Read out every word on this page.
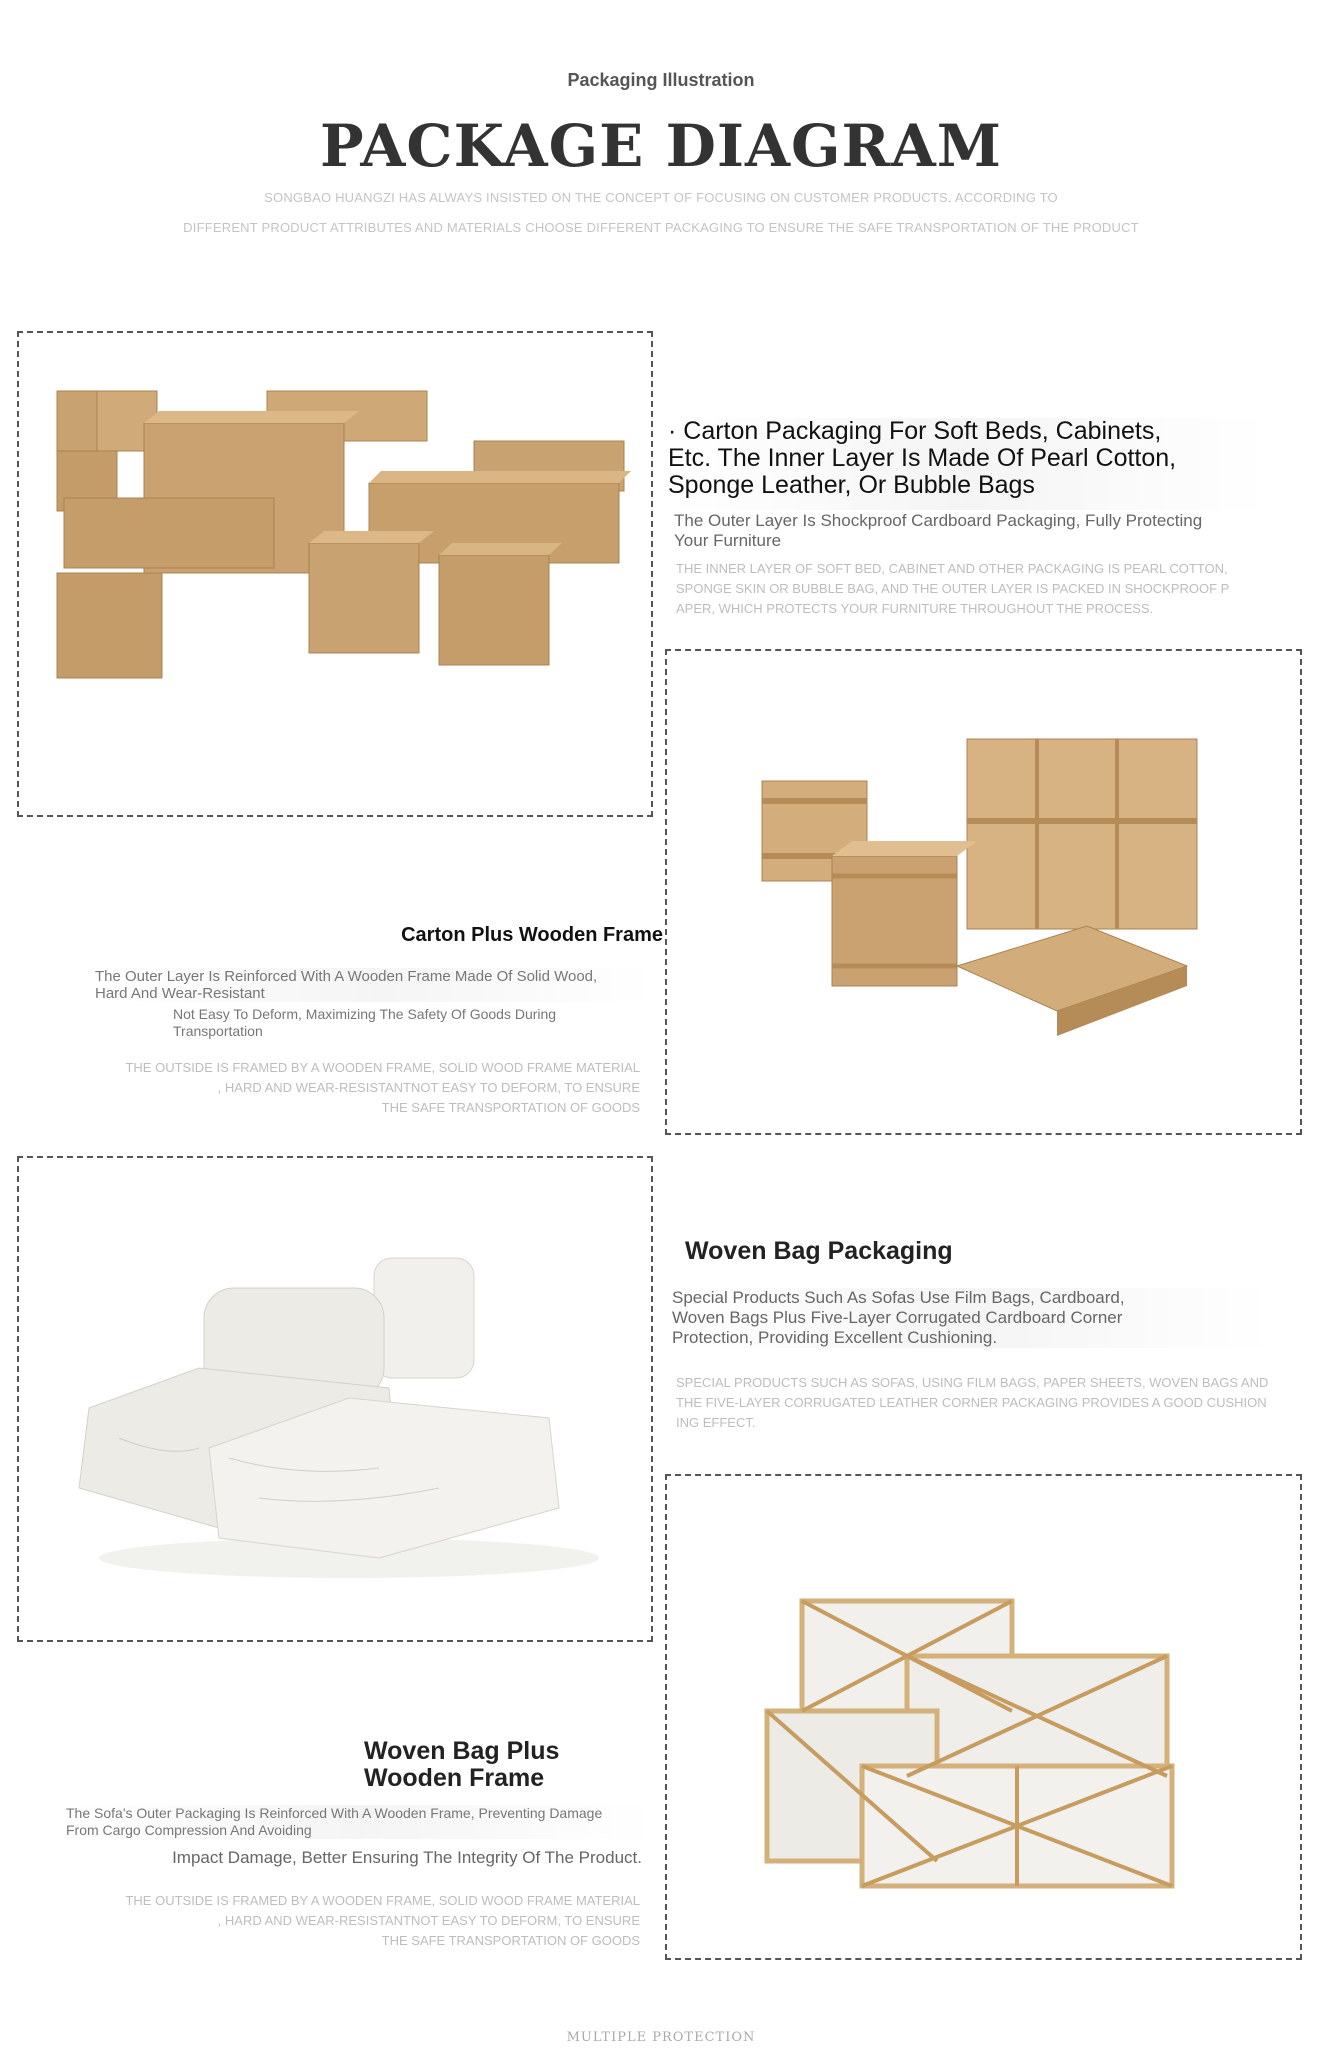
Packaging Illustration
PACKAGE DIAGRAM
SONGBAO HUANGZI HAS ALWAYS INSISTED ON THE CONCEPT OF FOCUSING ON CUSTOMER PRODUCTS. ACCORDING TO
DIFFERENT PRODUCT ATTRIBUTES AND MATERIALS CHOOSE DIFFERENT PACKAGING TO ENSURE THE SAFE TRANSPORTATION OF THE PRODUCT
· Carton Packaging For Soft Beds, Cabinets,
Etc. The Inner Layer Is Made Of Pearl Cotton,
Sponge Leather, Or Bubble Bags
The Outer Layer Is Shockproof Cardboard Packaging, Fully Protecting
Your Furniture
THE INNER LAYER OF SOFT BED, CABINET AND OTHER PACKAGING IS PEARL COTTON,
SPONGE SKIN OR BUBBLE BAG, AND THE OUTER LAYER IS PACKED IN SHOCKPROOF P
APER, WHICH PROTECTS YOUR FURNITURE THROUGHOUT THE PROCESS.
Carton Plus Wooden Frame
The Outer Layer Is Reinforced With A Wooden Frame Made Of Solid Wood,
Hard And Wear-Resistant
Not Easy To Deform, Maximizing The Safety Of Goods During
Transportation
THE OUTSIDE IS FRAMED BY A WOODEN FRAME, SOLID WOOD FRAME MATERIAL
, HARD AND WEAR-RESISTANTNOT EASY TO DEFORM, TO ENSURE
THE SAFE TRANSPORTATION OF GOODS
Woven Bag Packaging
Special Products Such As Sofas Use Film Bags, Cardboard,
Woven Bags Plus Five-Layer Corrugated Cardboard Corner
Protection, Providing Excellent Cushioning.
SPECIAL PRODUCTS SUCH AS SOFAS, USING FILM BAGS, PAPER SHEETS, WOVEN BAGS AND
THE FIVE-LAYER CORRUGATED LEATHER CORNER PACKAGING PROVIDES A GOOD CUSHION
ING EFFECT.
Woven Bag Plus
Wooden Frame
The Sofa's Outer Packaging Is Reinforced With A Wooden Frame, Preventing Damage
From Cargo Compression And Avoiding
Impact Damage, Better Ensuring The Integrity Of The Product.
THE OUTSIDE IS FRAMED BY A WOODEN FRAME, SOLID WOOD FRAME MATERIAL
, HARD AND WEAR-RESISTANTNOT EASY TO DEFORM, TO ENSURE
THE SAFE TRANSPORTATION OF GOODS
MULTIPLE PROTECTION
